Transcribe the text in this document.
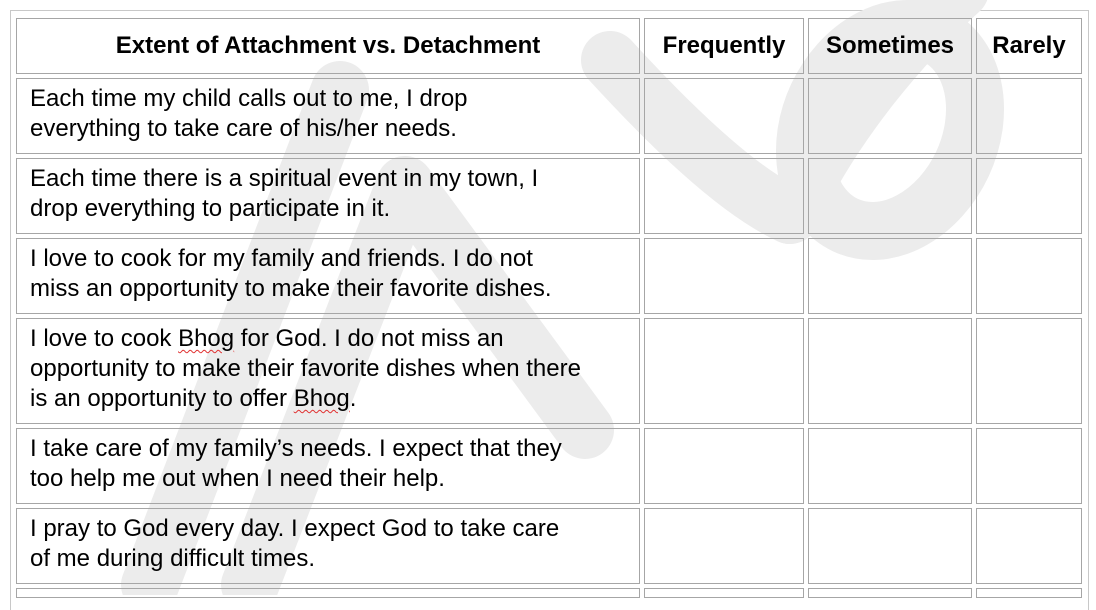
Extent of Attachment vs. Detachment	Frequently	Sometimes	Rarely
Each time my child calls out to me, I drop
everything to take care of his/her needs.			
Each time there is a spiritual event in my town, I
drop everything to participate in it.			
I love to cook for my family and friends. I do not
miss an opportunity to make their favorite dishes.			
I love to cook Bhog for God. I do not miss an
opportunity to make their favorite dishes when there
is an opportunity to offer Bhog.			
I take care of my family’s needs. I expect that they
too help me out when I need their help.			
I pray to God every day. I expect God to take care
of me during difficult times.			
